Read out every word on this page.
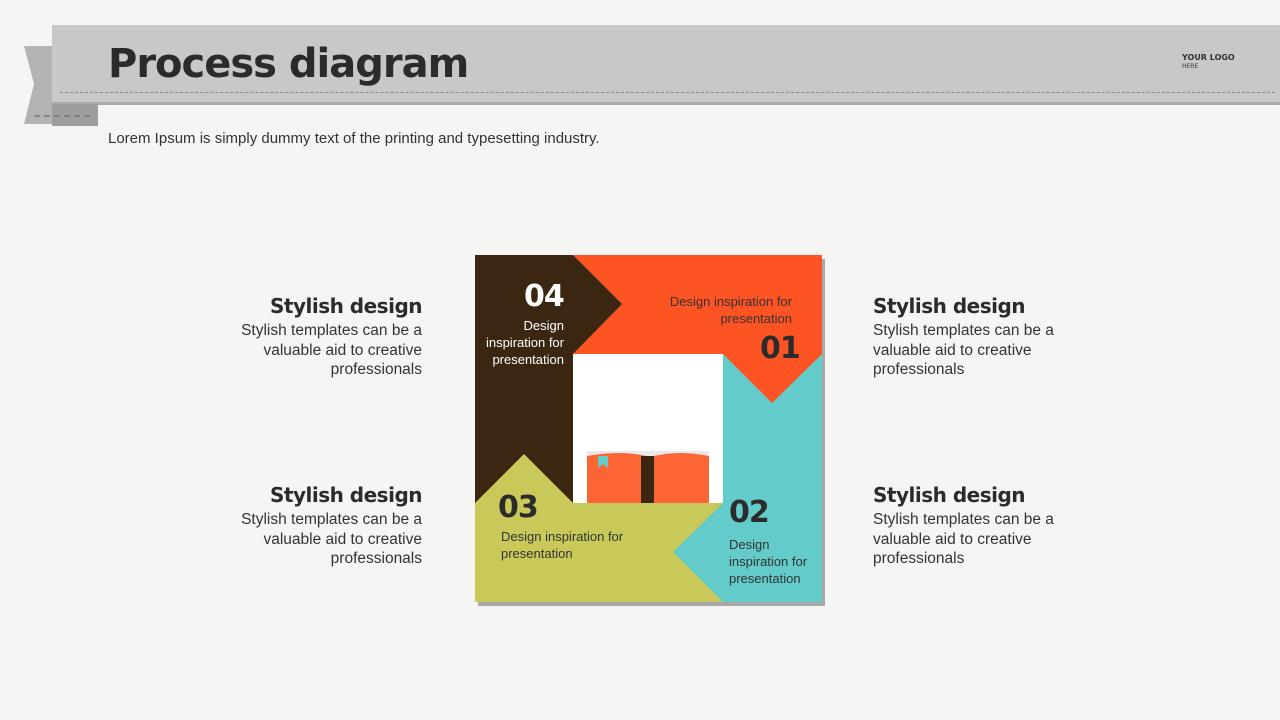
Process diagram	YOUR LOGO
HERE
Lorem Ipsum is simply dummy text of the printing and typesetting industry.
Stylish design
Stylish templates can be a
valuable aid to creative
professionals
Stylish design
Stylish templates can be a
valuable aid to creative
professionals
Stylish design
Stylish templates can be a
valuable aid to creative
professionals
Stylish design
Stylish templates can be a
valuable aid to creative
professionals
04
Design
inspiration for
presentation
Design inspiration for
presentation
01
02
Design
inspiration for
presentation
03
Design inspiration for
presentation
